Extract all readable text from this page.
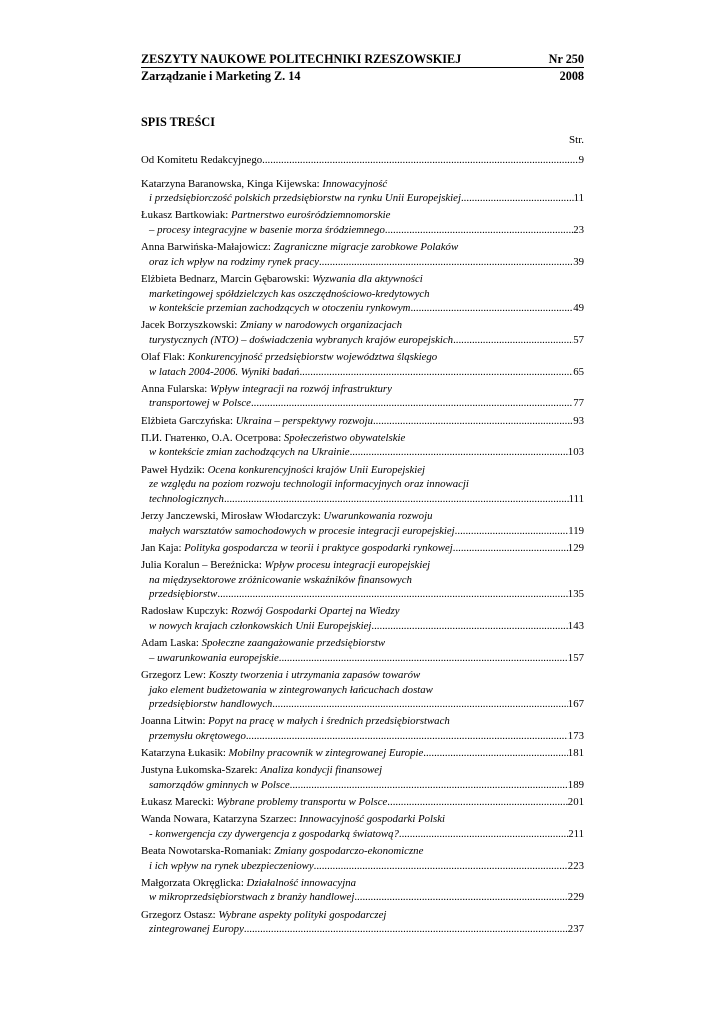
ZESZYTY NAUKOWE POLITECHNIKI RZESZOWSKIEJ	Nr 250
Zarządzanie i Marketing Z. 14	2008
SPIS TREŚCI
Str.
Od Komitetu Redakcyjnego .....	9
Katarzyna Baranowska, Kinga Kijewska: Innowacyjność
i przedsiębiorczość polskich przedsiębiorstw na rynku Unii Europejskiej .....	11
Łukasz Bartkowiak: Partnerstwo eurośródziemnomorskie
– procesy integracyjne w basenie morza śródziemnego .....	23
Anna Barwińska-Małajowicz: Zagraniczne migracje zarobkowe Polaków
oraz ich wpływ na rodzimy rynek pracy .....	39
Elżbieta Bednarz, Marcin Gębarowski: Wyzwania dla aktywności
marketingowej spółdzielczych kas oszczędnościowo-kredytowych
w kontekście przemian zachodzących w otoczeniu rynkowym .....	49
Jacek Borzyszkowski: Zmiany w narodowych organizacjach
turystycznych (NTO) – doświadczenia wybranych krajów europejskich .....	57
Olaf Flak: Konkurencyjność przedsiębiorstw województwa śląskiego
w latach 2004-2006. Wyniki badań .....	65
Anna Fularska: Wpływ integracji na rozwój infrastruktury
transportowej w Polsce .....	77
Elżbieta Garczyńska: Ukraina – perspektywy rozwoju .....	93
П.И. Гнатенко, О.А. Осетрова: Społeczeństwo obywatelskie
w kontekście zmian zachodzących na Ukrainie .....	103
Paweł Hydzik: Ocena konkurencyjności krajów Unii Europejskiej
ze względu na poziom rozwoju technologii informacyjnych oraz innowacji
technologicznych .....	111
Jerzy Janczewski, Mirosław Włodarczyk: Uwarunkowania rozwoju
małych warsztatów samochodowych w procesie integracji europejskiej .....	119
Jan Kaja: Polityka gospodarcza w teorii i praktyce gospodarki rynkowej .....	129
Julia Koralun – Bereźnicka: Wpływ procesu integracji europejskiej
na międzysektorowe zróżnicowanie wskaźników finansowych
przedsiębiorstw .....	135
Radosław Kupczyk: Rozwój Gospodarki Opartej na Wiedzy
w nowych krajach członkowskich Unii Europejskiej .....	143
Adam Laska: Społeczne zaangażowanie przedsiębiorstw
– uwarunkowania europejskie .....	157
Grzegorz Lew: Koszty tworzenia i utrzymania zapasów towarów
jako element budżetowania w zintegrowanych łańcuchach dostaw
przedsiębiorstw handlowych .....	167
Joanna Litwin: Popyt na pracę w małych i średnich przedsiębiorstwach
przemysłu okrętowego .....	173
Katarzyna Łukasik: Mobilny pracownik w zintegrowanej Europie .....	181
Justyna Łukomska-Szarek: Analiza kondycji finansowej
samorządów gminnych w Polsce .....	189
Łukasz Marecki: Wybrane problemy transportu w Polsce .....	201
Wanda Nowara, Katarzyna Szarzec: Innowacyjność gospodarki Polski
- konwergencja czy dywergencja z gospodarką światową? .....	211
Beata Nowotarska-Romaniak: Zmiany gospodarczo-ekonomiczne
i ich wpływ na rynek ubezpieczeniowy .....	223
Małgorzata Okręglicka: Działalność innowacyjna
w mikroprzedsiębiorstwach z branży handlowej .....	229
Grzegorz Ostasz: Wybrane aspekty polityki gospodarczej
zintegrowanej Europy .....	237
